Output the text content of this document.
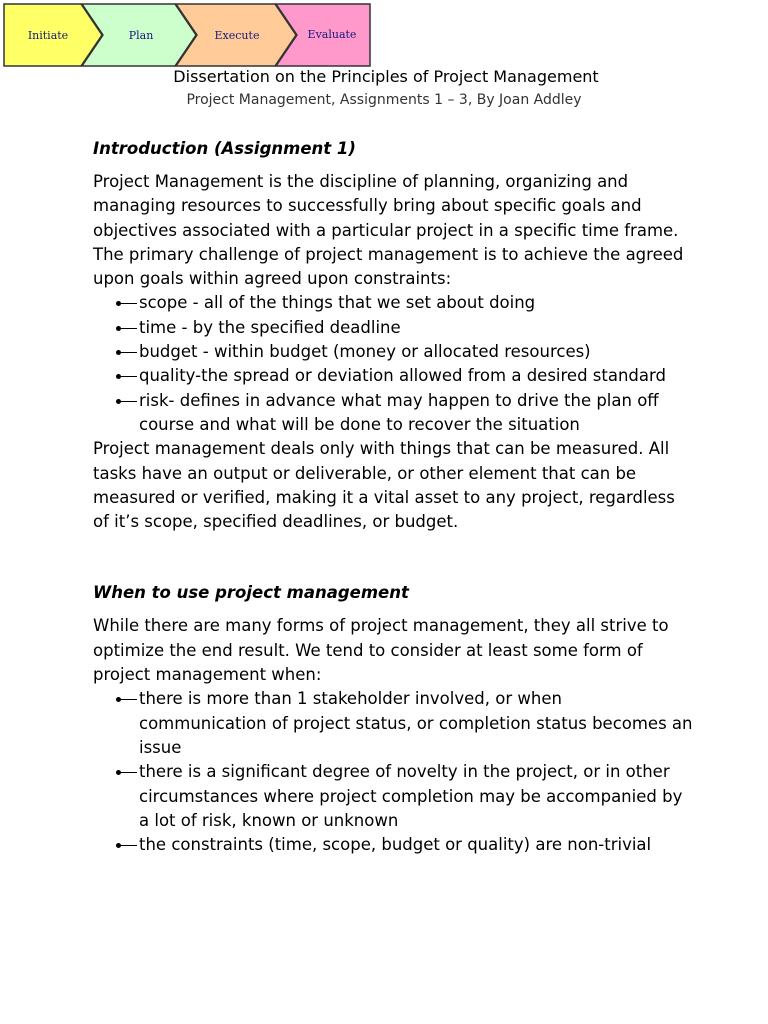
Initiate	Plan	Execute	Evaluate
Dissertation on the Principles of Project Management
Project Management, Assignments 1 – 3, By Joan Addley
Introduction (Assignment 1)

Project Management is the discipline of planning, organizing and managing resources to successfully bring about specific goals and objectives associated with a particular project in a specific time frame. The primary challenge of project management is to achieve the agreed upon goals within agreed upon constraints:

scope - all of the things that we set about doing
time - by the specified deadline
budget - within budget (money or allocated resources)
quality-the spread or deviation allowed from a desired standard
risk- defines in advance what may happen to drive the plan off course and what will be done to recover the situation

Project management deals only with things that can be measured. All tasks have an output or deliverable, or other element that can be measured or verified, making it a vital asset to any project, regardless of it’s scope, specified deadlines, or budget.

When to use project management

While there are many forms of project management, they all strive to optimize the end result. We tend to consider at least some form of project management when:

there is more than 1 stakeholder involved, or when communication of project status, or completion status becomes an issue
there is a significant degree of novelty in the project, or in other circumstances where project completion may be accompanied by a lot of risk, known or unknown
the constraints (time, scope, budget or quality) are non-trivial
